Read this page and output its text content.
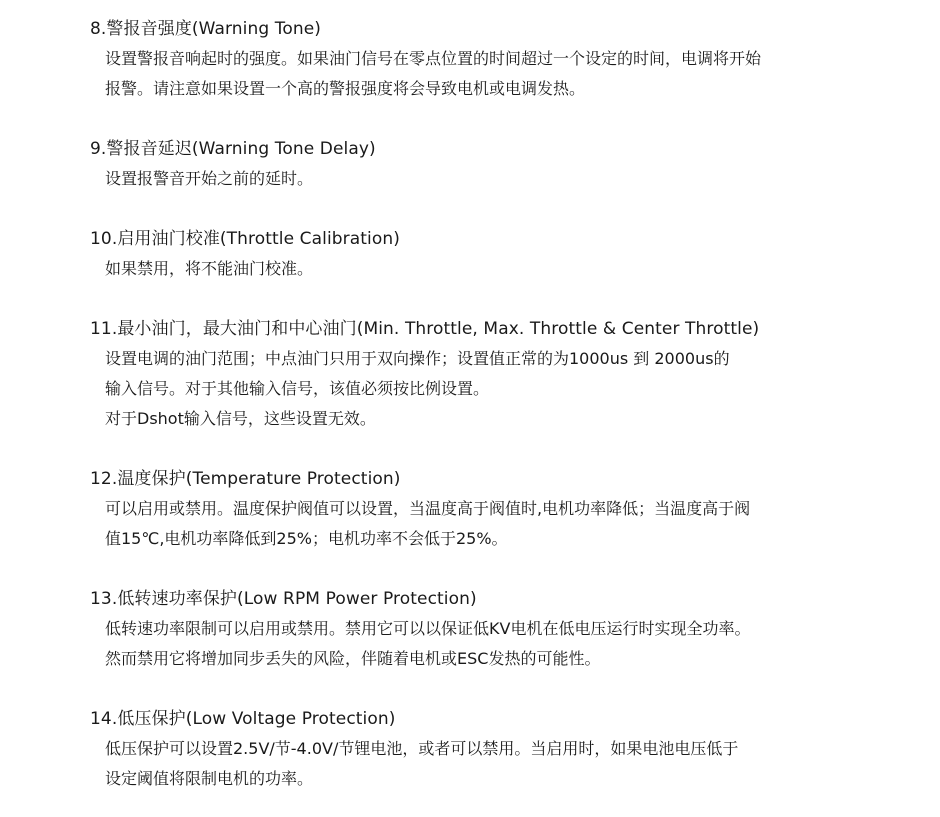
8.警报音强度(Warning Tone)
设置警报音响起时的强度。如果油门信号在零点位置的时间超过一个设定的时间，电调将开始
报警。请注意如果设置一个高的警报强度将会导致电机或电调发热。
9.警报音延迟(Warning Tone Delay)
设置报警音开始之前的延时。
10.启用油门校准(Throttle Calibration)
如果禁用，将不能油门校准。
11.最小油门，最大油门和中心油门(Min. Throttle, Max. Throttle & Center Throttle)
设置电调的油门范围；中点油门只用于双向操作；设置值正常的为1000us 到 2000us的
输入信号。对于其他输入信号，该值必须按比例设置。
对于Dshot输入信号，这些设置无效。
12.温度保护(Temperature Protection)
可以启用或禁用。温度保护阀值可以设置，当温度高于阀值时,电机功率降低；当温度高于阀
值15℃,电机功率降低到25%；电机功率不会低于25%。
13.低转速功率保护(Low RPM Power Protection)
低转速功率限制可以启用或禁用。禁用它可以以保证低KV电机在低电压运行时实现全功率。
然而禁用它将增加同步丢失的风险，伴随着电机或ESC发热的可能性。
14.低压保护(Low Voltage Protection)
低压保护可以设置2.5V/节-4.0V/节锂电池，或者可以禁用。当启用时，如果电池电压低于
设定阈值将限制电机的功率。
